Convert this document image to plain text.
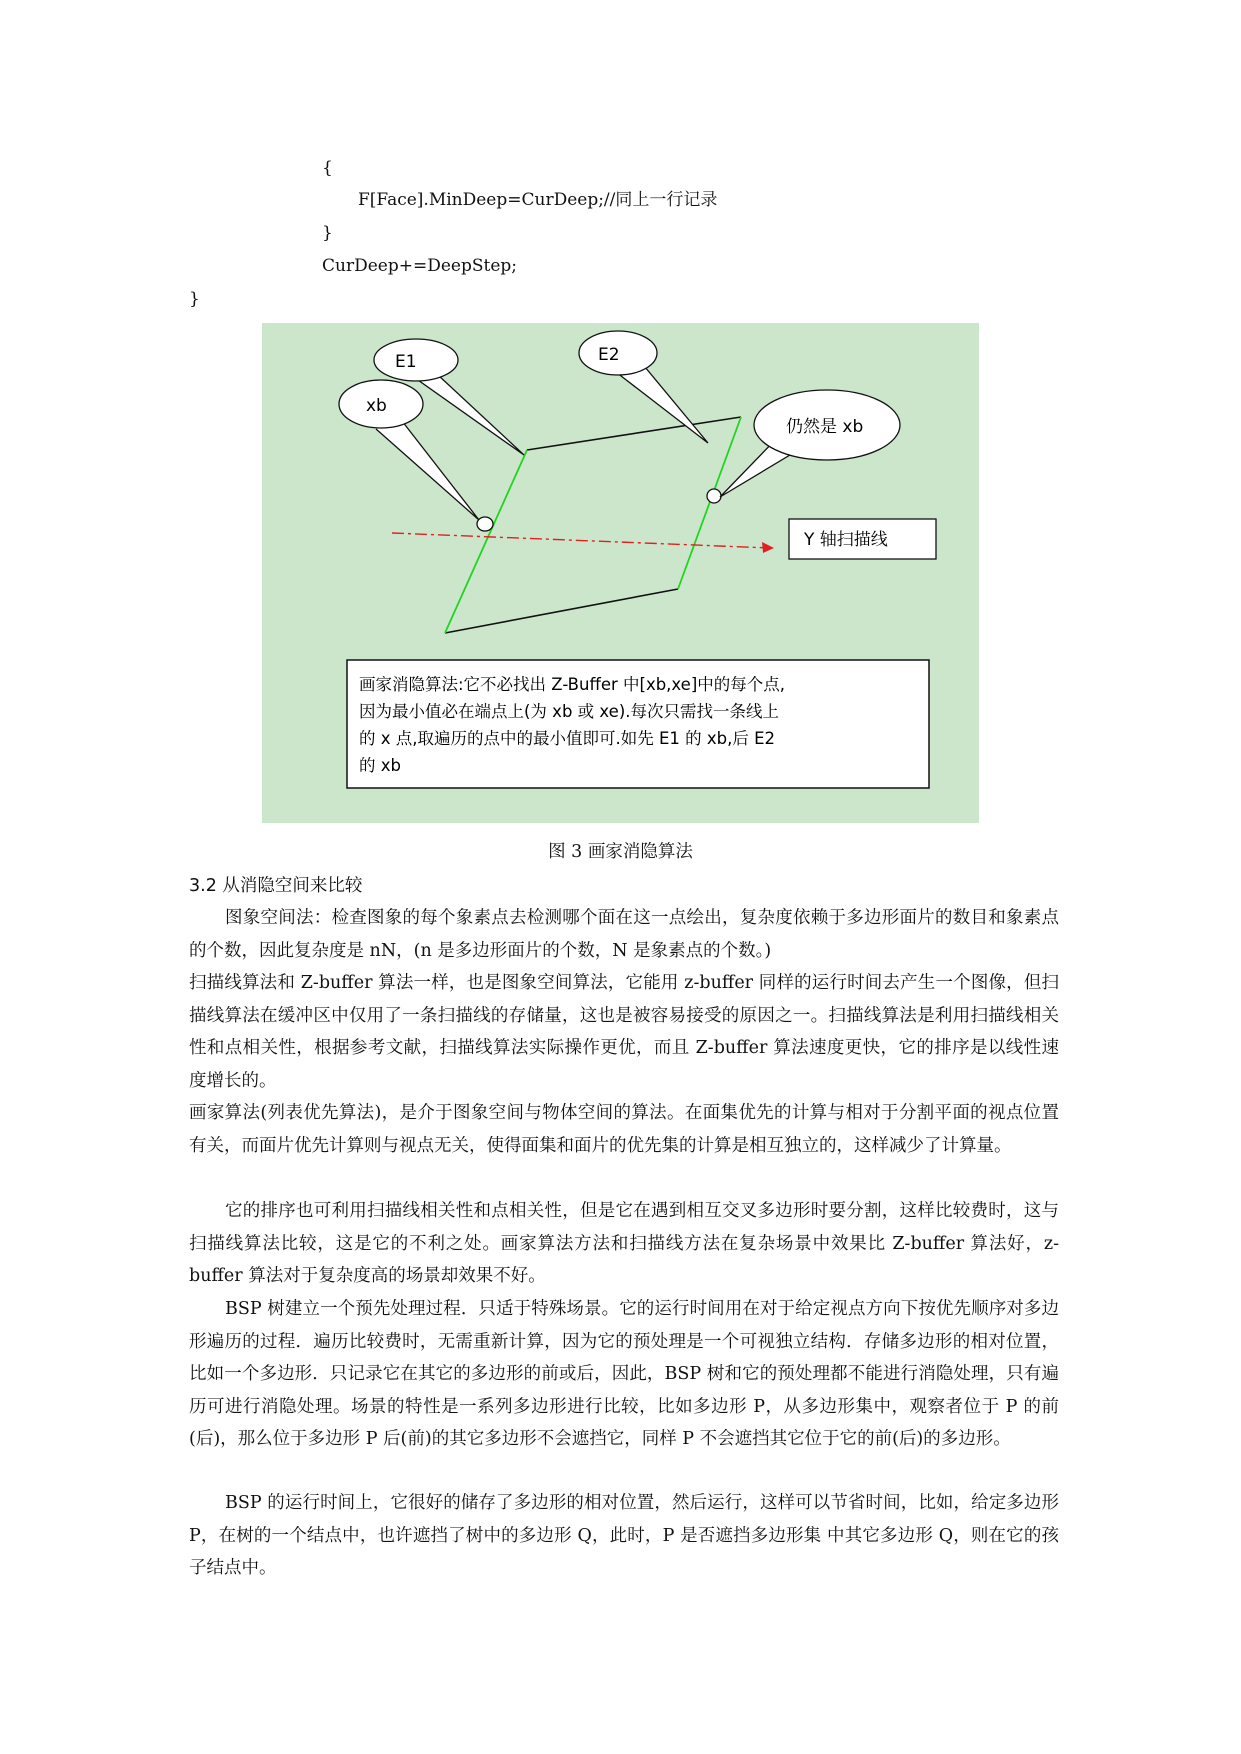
{
F[Face].MinDeep=CurDeep;//同上一行记录
}
CurDeep+=DeepStep;
}
E1	E2
xb
仍然是 xb
Y 轴扫描线
画家消隐算法:它不必找出 Z-Buffer 中[xb,xe]中的每个点,
因为最小值必在端点上(为 xb 或 xe).每次只需找一条线上
的 x 点,取遍历的点中的最小值即可.如先 E1 的 xb,后 E2
的 xb
图 3 画家消隐算法
3.2 从消隐空间来比较

图象空间法：检查图象的每个象素点去检测哪个面在这一点绘出，复杂度依赖于多边形面片的数目和象素点的个数，因此复杂度是 nN，(n 是多边形面片的个数，N 是象素点的个数。)

扫描线算法和 Z-buffer 算法一样，也是图象空间算法，它能用 z-buffer 同样的运行时间去产生一个图像，但扫描线算法在缓冲区中仅用了一条扫描线的存储量，这也是被容易接受的原因之一。扫描线算法是利用扫描线相关性和点相关性，根据参考文献，扫描线算法实际操作更优，而且 Z-buffer 算法速度更快，它的排序是以线性速度增长的。

画家算法(列表优先算法)，是介于图象空间与物体空间的算法。在面集优先的计算与相对于分割平面的视点位置有关，而面片优先计算则与视点无关，使得面集和面片的优先集的计算是相互独立的，这样减少了计算量。

它的排序也可利用扫描线相关性和点相关性，但是它在遇到相互交叉多边形时要分割，这样比较费时，这与扫描线算法比较，这是它的不利之处。画家算法方法和扫描线方法在复杂场景中效果比 Z-buffer 算法好，z-buffer 算法对于复杂度高的场景却效果不好。

BSP 树建立一个预先处理过程．只适于特殊场景。它的运行时间用在对于给定视点方向下按优先顺序对多边形遍历的过程．遍历比较费时，无需重新计算，因为它的预处理是一个可视独立结构．存储多边形的相对位置，比如一个多边形．只记录它在其它的多边形的前或后，因此，BSP 树和它的预处理都不能进行消隐处理，只有遍历可进行消隐处理。场景的特性是一系列多边形进行比较，比如多边形 P，从多边形集中，观察者位于 P 的前(后)，那么位于多边形 P 后(前)的其它多边形不会遮挡它，同样 P 不会遮挡其它位于它的前(后)的多边形。

BSP 的运行时间上，它很好的储存了多边形的相对位置，然后运行，这样可以节省时间，比如，给定多边形 P，在树的一个结点中，也许遮挡了树中的多边形 Q，此时，P 是否遮挡多边形集 中其它多边形 Q，则在它的孩子结点中。
